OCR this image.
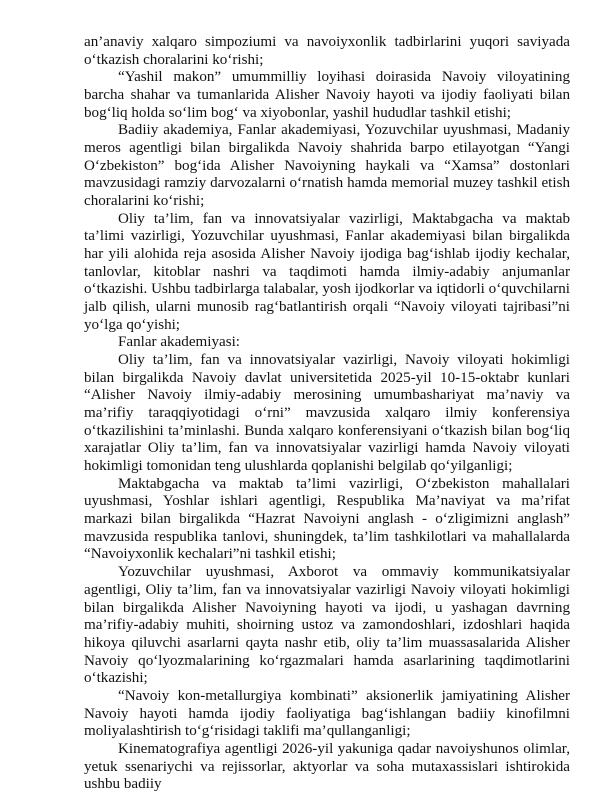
an’anaviy xalqaro simpoziumi va navoiyxonlik tadbirlarini yuqori saviyada o‘tkazish choralarini ko‘rishi;

“Yashil makon” umummilliy loyihasi doirasida Navoiy viloyatining barcha shahar va tumanlarida Alisher Navoiy hayoti va ijodiy faoliyati bilan bog‘liq holda so‘lim bog‘ va xiyobonlar, yashil hududlar tashkil etishi;

Badiiy akademiya, Fanlar akademiyasi, Yozuvchilar uyushmasi, Madaniy meros agentligi bilan birgalikda Navoiy shahrida barpo etilayotgan “Yangi O‘zbekiston” bog‘ida Alisher Navoiyning haykali va “Xamsa” dostonlari mavzusidagi ramziy darvozalarni o‘rnatish hamda memorial muzey tashkil etish choralarini ko‘rishi;

Oliy ta’lim, fan va innovatsiyalar vazirligi, Maktabgacha va maktab ta’limi vazirligi, Yozuvchilar uyushmasi, Fanlar akademiyasi bilan birgalikda har yili alohida reja asosida Alisher Navoiy ijodiga bag‘ishlab ijodiy kechalar, tanlovlar, kitoblar nashri va taqdimoti hamda ilmiy-adabiy anjumanlar o‘tkazishi. Ushbu tadbirlarga talabalar, yosh ijodkorlar va iqtidorli o‘quvchilarni jalb qilish, ularni munosib rag‘batlantirish orqali “Navoiy viloyati tajribasi”ni yo‘lga qo‘yishi;

Fanlar akademiyasi:

Oliy ta’lim, fan va innovatsiyalar vazirligi, Navoiy viloyati hokimligi bilan birgalikda Navoiy davlat universitetida 2025-yil 10-15-oktabr kunlari “Alisher Navoiy ilmiy-adabiy merosining umumbashariyat ma’naviy va ma’rifiy taraqqiyotidagi o‘rni” mavzusida xalqaro ilmiy konferensiya o‘tkazilishini ta’minlashi. Bunda xalqaro konferensiyani o‘tkazish bilan bog‘liq xarajatlar Oliy ta’lim, fan va innovatsiyalar vazirligi hamda Navoiy viloyati hokimligi tomonidan teng ulushlarda qoplanishi belgilab qo‘yilganligi;

Maktabgacha va maktab ta’limi vazirligi, O‘zbekiston mahallalari uyushmasi, Yoshlar ishlari agentligi, Respublika Ma’naviyat va ma’rifat markazi bilan birgalikda “Hazrat Navoiyni anglash - o‘zligimizni anglash” mavzusida respublika tanlovi, shuningdek, ta’lim tashkilotlari va mahallalarda “Navoiyxonlik kechalari”ni tashkil etishi;

Yozuvchilar uyushmasi, Axborot va ommaviy kommunikatsiyalar agentligi, Oliy ta’lim, fan va innovatsiyalar vazirligi Navoiy viloyati hokimligi bilan birgalikda Alisher Navoiyning hayoti va ijodi, u yashagan davrning ma’rifiy-adabiy muhiti, shoirning ustoz va zamondoshlari, izdoshlari haqida hikoya qiluvchi asarlarni qayta nashr etib, oliy ta’lim muassasalarida Alisher Navoiy qo‘lyozmalarining ko‘rgazmalari hamda asarlarining taqdimotlarini o‘tkazishi;

“Navoiy kon-metallurgiya kombinati” aksionerlik jamiyatining Alisher Navoiy hayoti hamda ijodiy faoliyatiga bag‘ishlangan badiiy kinofilmni moliyalashtirish to‘g‘risidagi taklifi ma’qullanganligi;

Kinematografiya agentligi 2026-yil yakuniga qadar navoiyshunos olimlar, yetuk ssenariychi va rejissorlar, aktyorlar va soha mutaxassislari ishtirokida ushbu badiiy
